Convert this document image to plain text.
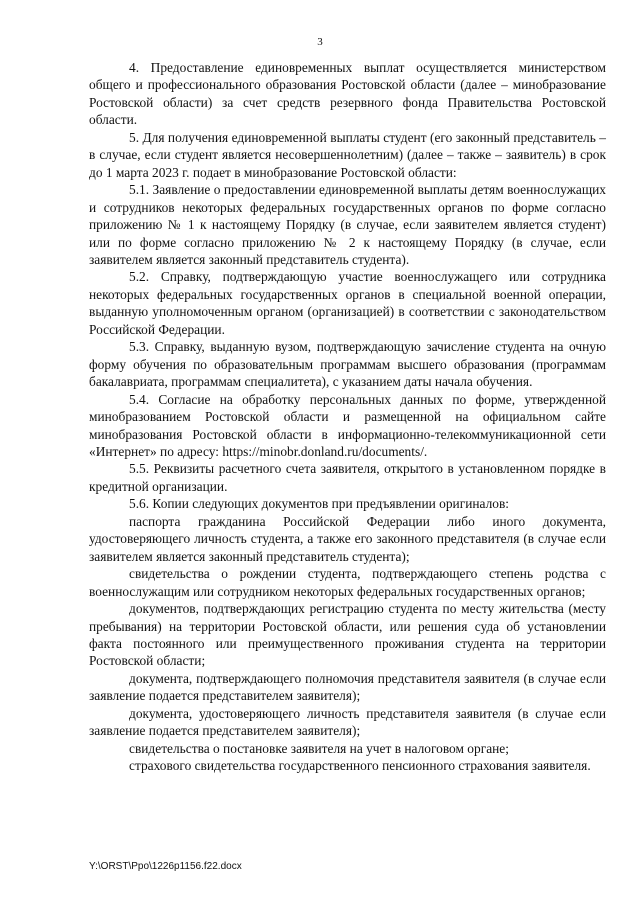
3

4. Предоставление единовременных выплат осуществляется министерством общего и профессионального образования Ростовской области (далее – минобразование Ростовской области) за счет средств резервного фонда Правительства Ростовской области.

5. Для получения единовременной выплаты студент (его законный представитель – в случае, если студент является несовершеннолетним) (далее – также – заявитель) в срок до 1 марта 2023 г. подает в минобразование Ростовской области:

5.1. Заявление о предоставлении единовременной выплаты детям военнослужащих и сотрудников некоторых федеральных государственных органов по форме согласно приложению № 1 к настоящему Порядку (в случае, если заявителем является студент) или по форме согласно приложению № 2 к настоящему Порядку (в случае, если заявителем является законный представитель студента).

5.2. Справку, подтверждающую участие военнослужащего или сотрудника некоторых федеральных государственных органов в специальной военной операции, выданную уполномоченным органом (организацией) в соответствии с законодательством Российской Федерации.

5.3. Справку, выданную вузом, подтверждающую зачисление студента на очную форму обучения по образовательным программам высшего образования (программам бакалавриата, программам специалитета), с указанием даты начала обучения.

5.4. Согласие на обработку персональных данных по форме, утвержденной минобразованием Ростовской области и размещенной на официальном сайте минобразования Ростовской области в информационно-телекоммуникационной сети «Интернет» по адресу: https://minobr.donland.ru/documents/.

5.5. Реквизиты расчетного счета заявителя, открытого в установленном порядке в кредитной организации.

5.6. Копии следующих документов при предъявлении оригиналов:

паспорта гражданина Российской Федерации либо иного документа, удостоверяющего личность студента, а также его законного представителя (в случае если заявителем является законный представитель студента);

свидетельства о рождении студента, подтверждающего степень родства с военнослужащим или сотрудником некоторых федеральных государственных органов;

документов, подтверждающих регистрацию студента по месту жительства (месту пребывания) на территории Ростовской области, или решения суда об установлении факта постоянного или преимущественного проживания студента на территории Ростовской области;

документа, подтверждающего полномочия представителя заявителя (в случае если заявление подается представителем заявителя);

документа, удостоверяющего личность представителя заявителя (в случае если заявление подается представителем заявителя);

свидетельства о постановке заявителя на учет в налоговом органе;

страхового свидетельства государственного пенсионного страхования заявителя.

Y:\ORST\Ppo\1226p1156.f22.docx
